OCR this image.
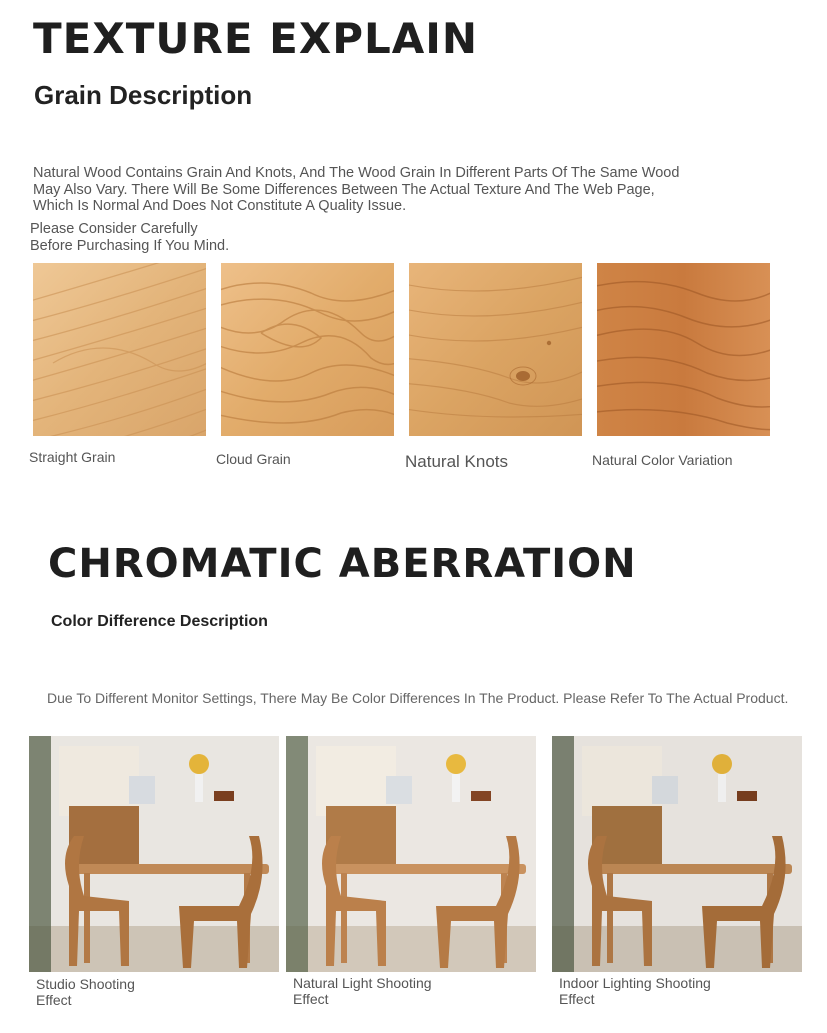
TEXTURE EXPLAIN
Grain Description
Natural Wood Contains Grain And Knots, And The Wood Grain In Different Parts Of The Same Wood May Also Vary. There Will Be Some Differences Between The Actual Texture And The Web Page, Which Is Normal And Does Not Constitute A Quality Issue.
Please Consider Carefully
Before Purchasing If You Mind.
Straight Grain	Cloud Grain	Natural Knots	Natural Color Variation
CHROMATIC ABERRATION
Color Difference Description
Due To Different Monitor Settings, There May Be Color Differences In The Product. Please Refer To The Actual Product.
Studio Shooting
Effect
Natural Light Shooting
Effect
Indoor Lighting Shooting
Effect
